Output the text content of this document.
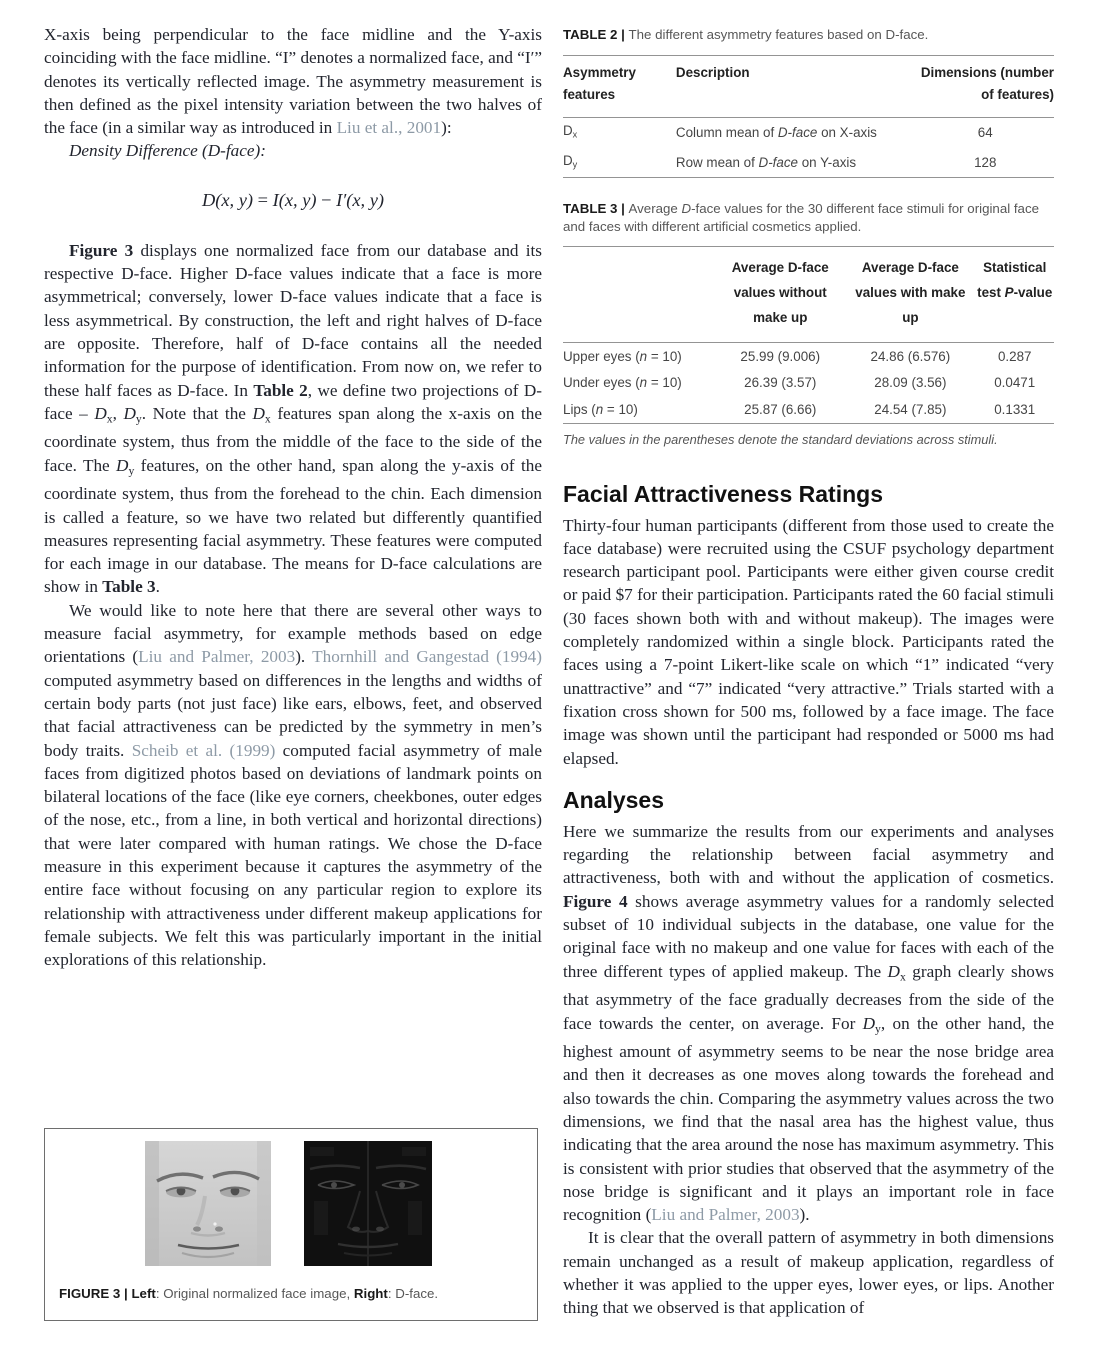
X-axis being perpendicular to the face midline and the Y-axis coinciding with the face midline. “I” denotes a normalized face, and “I′” denotes its vertically reflected image. The asymmetry measurement is then defined as the pixel intensity variation between the two halves of the face (in a similar way as introduced in Liu et al., 2001):

Density Difference (D-face):

D(x, y) = I(x, y) − I′(x, y)

Figure 3 displays one normalized face from our database and its respective D-face. Higher D-face values indicate that a face is more asymmetrical; conversely, lower D-face values indicate that a face is less asymmetrical. By construction, the left and right halves of D-face are opposite. Therefore, half of D-face contains all the needed information for the purpose of identification. From now on, we refer to these half faces as D-face. In Table 2, we define two projections of D-face – Dx, Dy. Note that the Dx features span along the x-axis on the coordinate system, thus from the middle of the face to the side of the face. The Dy features, on the other hand, span along the y-axis of the coordinate system, thus from the forehead to the chin. Each dimension is called a feature, so we have two related but differently quantified measures representing facial asymmetry. These features were computed for each image in our database. The means for D-face calculations are show in Table 3.

We would like to note here that there are several other ways to measure facial asymmetry, for example methods based on edge orientations (Liu and Palmer, 2003). Thornhill and Gangestad (1994) computed asymmetry based on differences in the lengths and widths of certain body parts (not just face) like ears, elbows, feet, and observed that facial attractiveness can be predicted by the symmetry in men’s body traits. Scheib et al. (1999) computed facial asymmetry of male faces from digitized photos based on deviations of landmark points on bilateral locations of the face (like eye corners, cheekbones, outer edges of the nose, etc., from a line, in both vertical and horizontal directions) that were later compared with human ratings. We chose the D-face measure in this experiment because it captures the asymmetry of the entire face without focusing on any particular region to explore its relationship with attractiveness under different makeup applications for female subjects. We felt this was particularly important in the initial explorations of this relationship.

FIGURE 3 | Left: Original normalized face image, Right: D-face.

TABLE 2 | The different asymmetry features based on D-face.

Asymmetry features	Description	Dimensions (number of features)
Dx	Column mean of D-face on X-axis	64
Dy	Row mean of D-face on Y-axis	128

TABLE 3 | Average D-face values for the 30 different face stimuli for original face and faces with different artificial cosmetics applied.

	Average D-face values without make up	Average D-face values with make up	Statistical test P-value
Upper eyes (n = 10)	25.99 (9.006)	24.86 (6.576)	0.287
Under eyes (n = 10)	26.39 (3.57)	28.09 (3.56)	0.0471
Lips (n = 10)	25.87 (6.66)	24.54 (7.85)	0.1331

The values in the parentheses denote the standard deviations across stimuli.

Facial Attractiveness Ratings

Thirty-four human participants (different from those used to create the face database) were recruited using the CSUF psychology department research participant pool. Participants were either given course credit or paid $7 for their participation. Participants rated the 60 facial stimuli (30 faces shown both with and without makeup). The images were completely randomized within a single block. Participants rated the faces using a 7-point Likert-like scale on which “1” indicated “very unattractive” and “7” indicated “very attractive.” Trials started with a fixation cross shown for 500 ms, followed by a face image. The face image was shown until the participant had responded or 5000 ms had elapsed.

Analyses

Here we summarize the results from our experiments and analyses regarding the relationship between facial asymmetry and attractiveness, both with and without the application of cosmetics. Figure 4 shows average asymmetry values for a randomly selected subset of 10 individual subjects in the database, one value for the original face with no makeup and one value for faces with each of the three different types of applied makeup. The Dx graph clearly shows that asymmetry of the face gradually decreases from the side of the face towards the center, on average. For Dy, on the other hand, the highest amount of asymmetry seems to be near the nose bridge area and then it decreases as one moves along towards the forehead and also towards the chin. Comparing the asymmetry values across the two dimensions, we find that the nasal area has the highest value, thus indicating that the area around the nose has maximum asymmetry. This is consistent with prior studies that observed that the asymmetry of the nose bridge is significant and it plays an important role in face recognition (Liu and Palmer, 2003).

It is clear that the overall pattern of asymmetry in both dimensions remain unchanged as a result of makeup application, regardless of whether it was applied to the upper eyes, lower eyes, or lips. Another thing that we observed is that application of
